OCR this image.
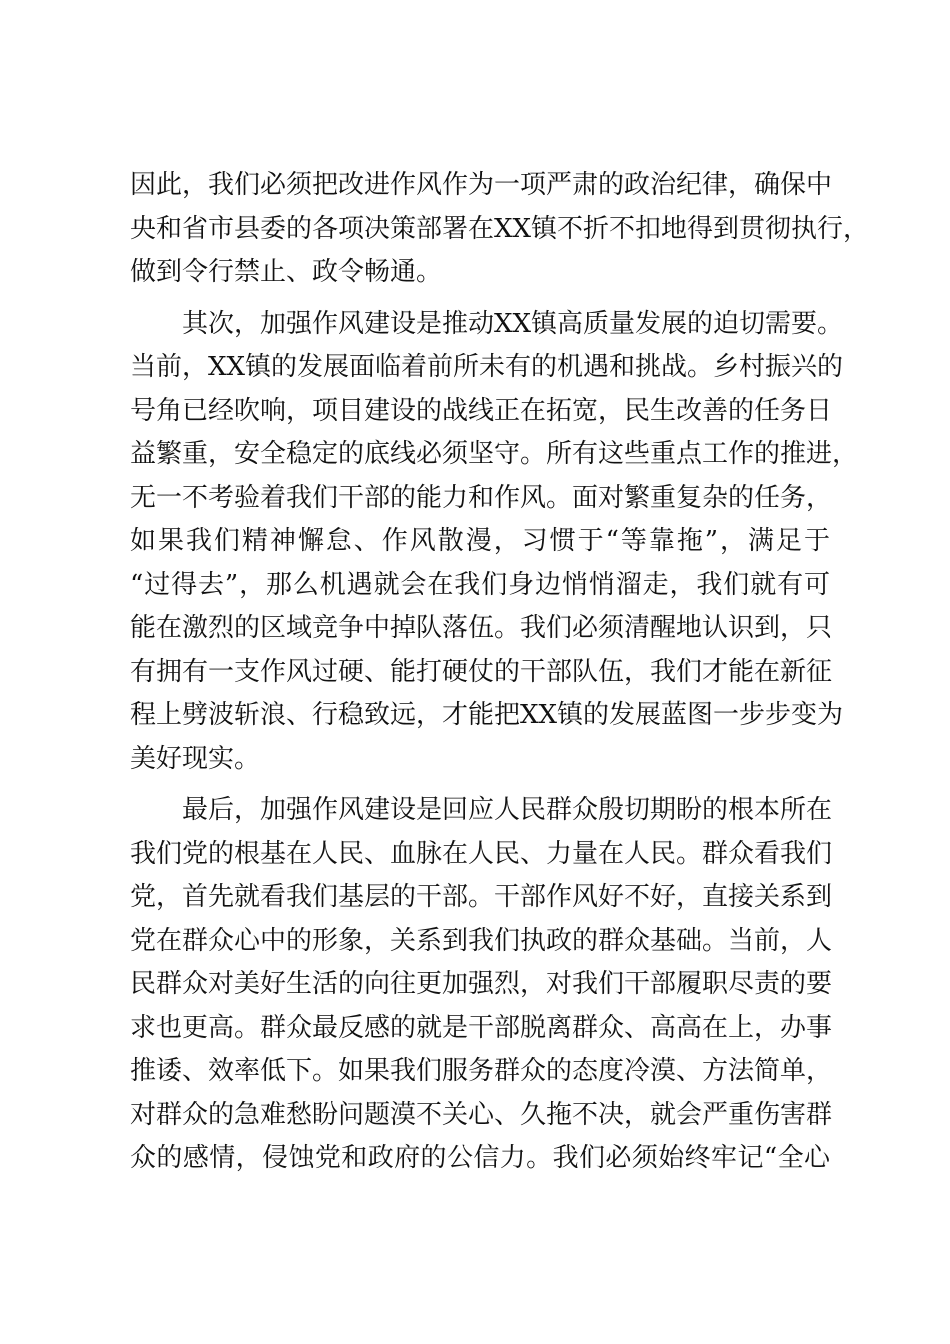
因此，我们必须把改进作风作为一项严肃的政治纪律，确保中
央和省市县委的各项决策部署在XX镇不折不扣地得到贯彻执行，
做到令行禁止、政令畅通。
其次，加强作风建设是推动XX镇高质量发展的迫切需要。
当前，XX镇的发展面临着前所未有的机遇和挑战。乡村振兴的
号角已经吹响，项目建设的战线正在拓宽，民生改善的任务日
益繁重，安全稳定的底线必须坚守。所有这些重点工作的推进，
无一不考验着我们干部的能力和作风。面对繁重复杂的任务，
如果我们精神懈怠、作风散漫，习惯于“等靠拖”，满足于
“过得去”，那么机遇就会在我们身边悄悄溜走，我们就有可
能在激烈的区域竞争中掉队落伍。我们必须清醒地认识到，只
有拥有一支作风过硬、能打硬仗的干部队伍，我们才能在新征
程上劈波斩浪、行稳致远，才能把XX镇的发展蓝图一步步变为
美好现实。
最后，加强作风建设是回应人民群众殷切期盼的根本所在
我们党的根基在人民、血脉在人民、力量在人民。群众看我们
党，首先就看我们基层的干部。干部作风好不好，直接关系到
党在群众心中的形象，关系到我们执政的群众基础。当前，人
民群众对美好生活的向往更加强烈，对我们干部履职尽责的要
求也更高。群众最反感的就是干部脱离群众、高高在上，办事
推诿、效率低下。如果我们服务群众的态度冷漠、方法简单，
对群众的急难愁盼问题漠不关心、久拖不决，就会严重伤害群
众的感情，侵蚀党和政府的公信力。我们必须始终牢记“全心
